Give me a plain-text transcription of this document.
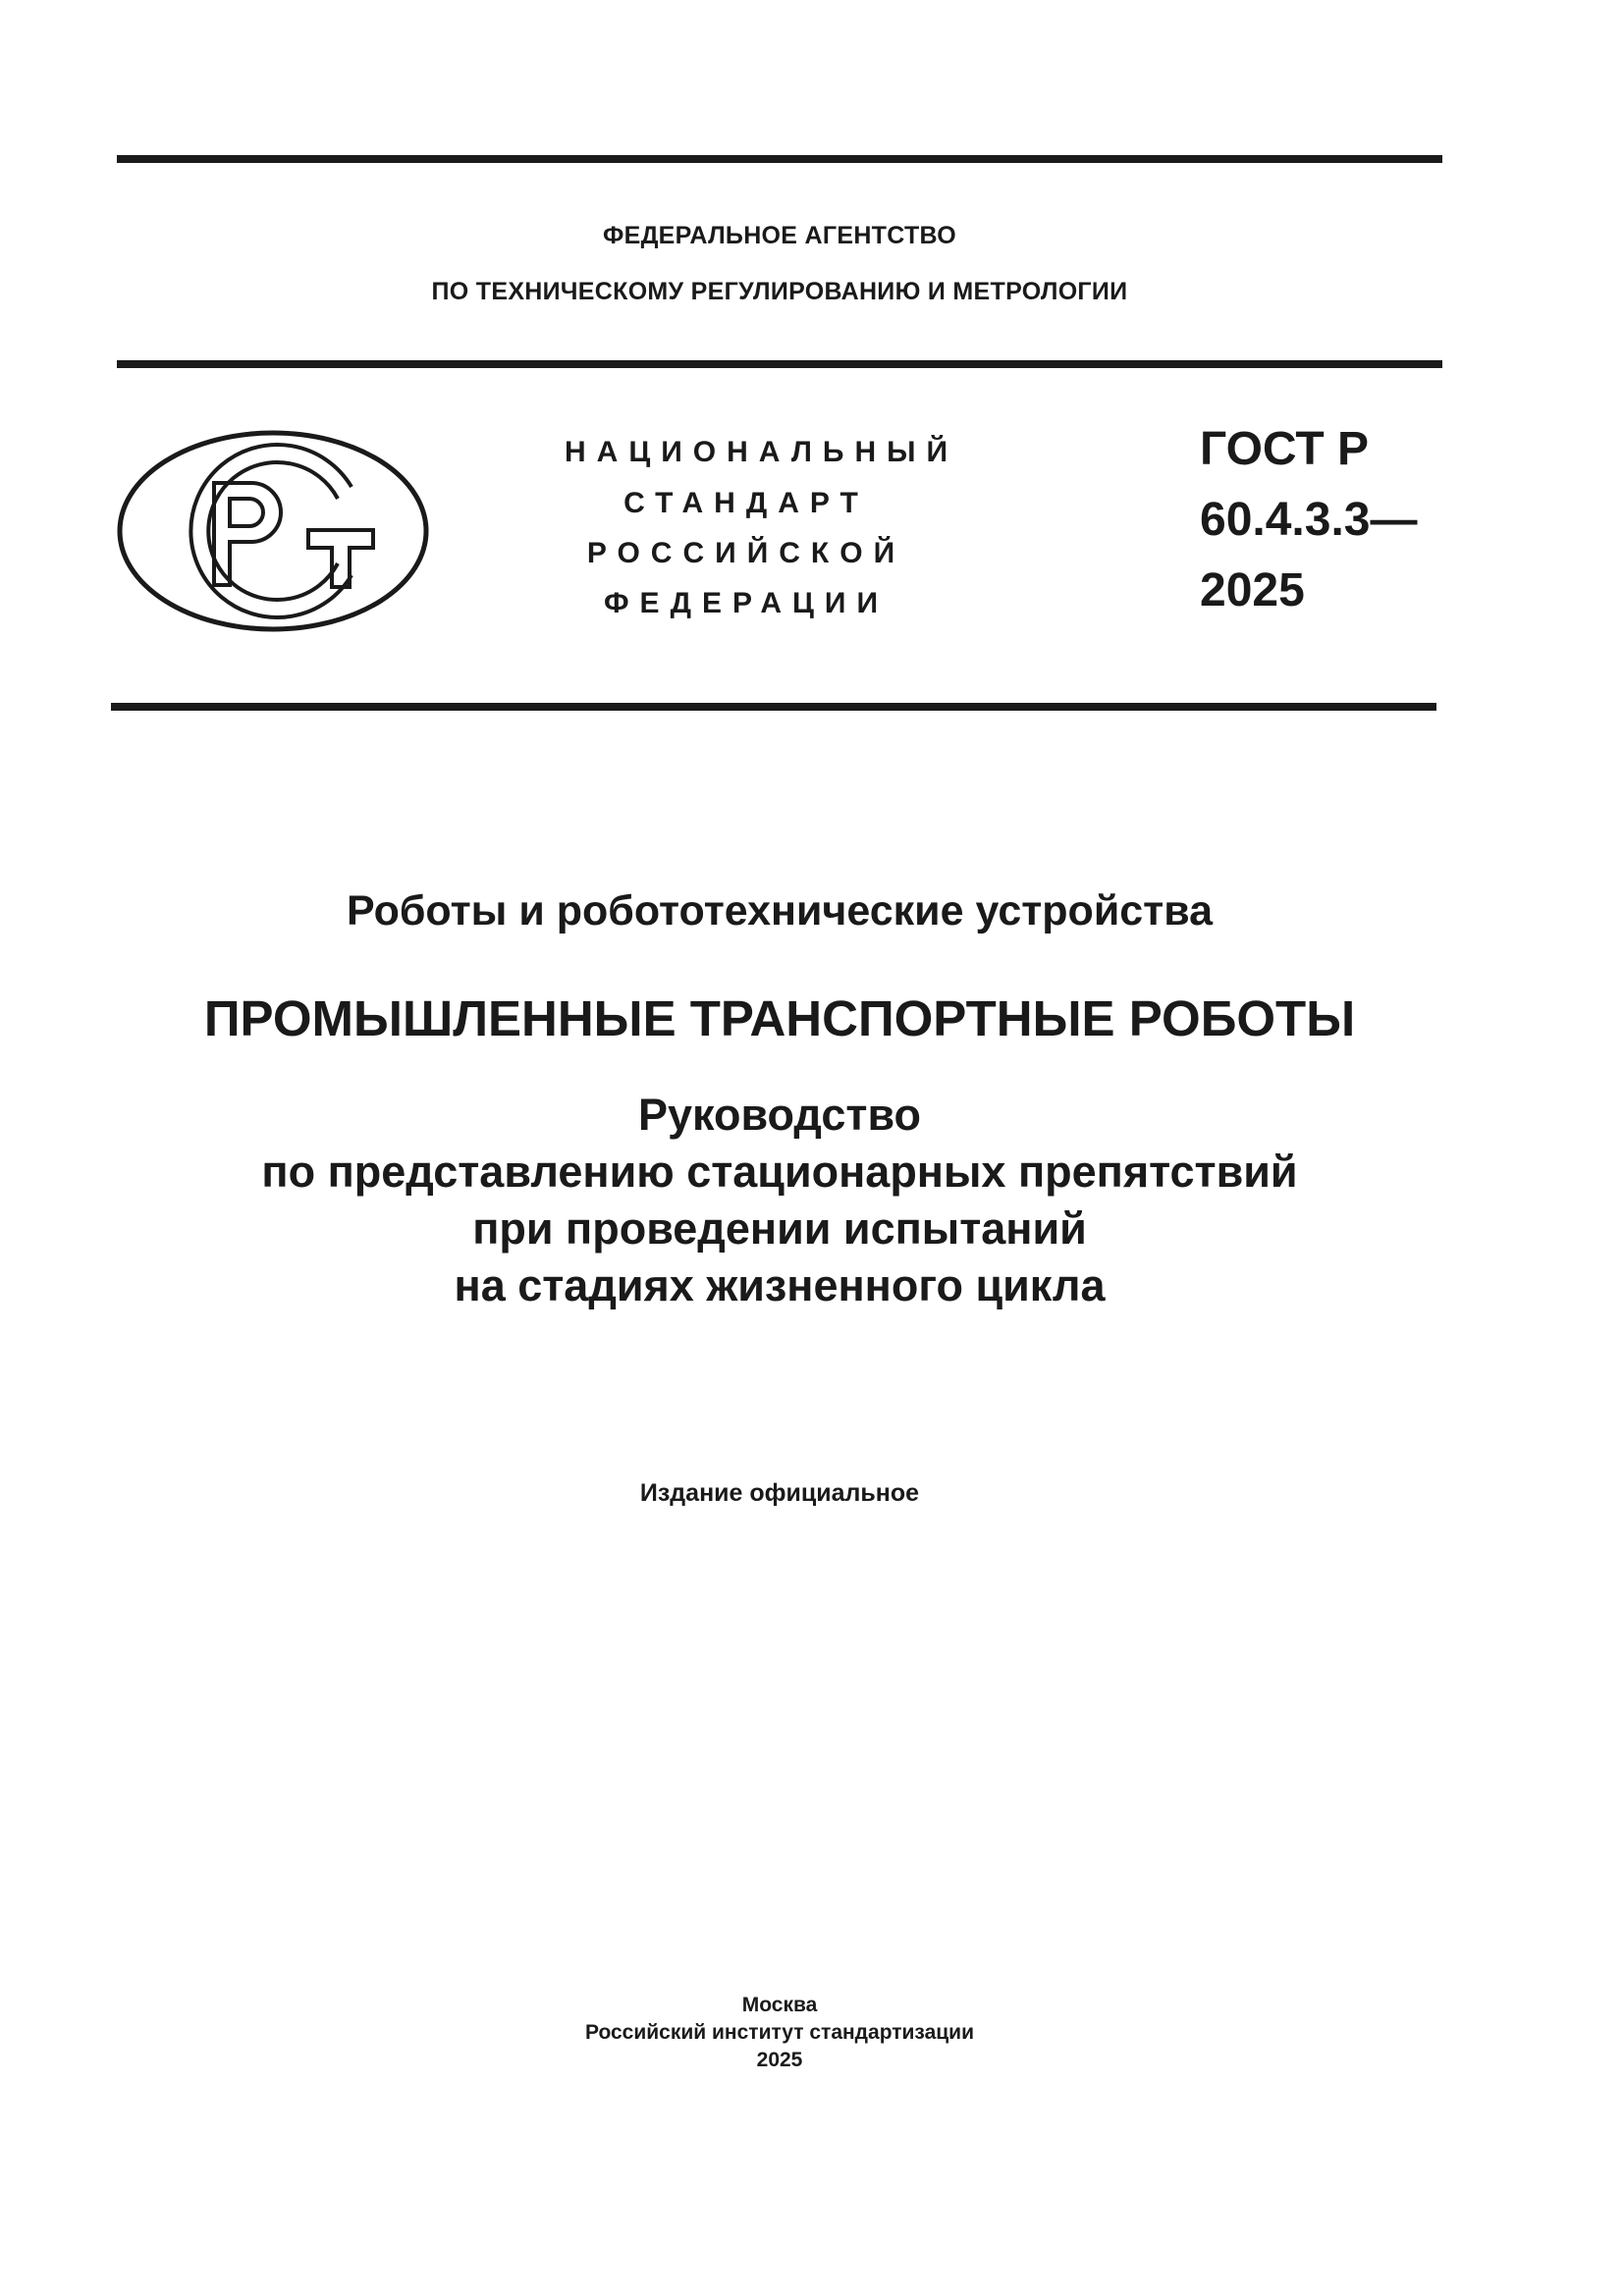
ФЕДЕРАЛЬНОЕ АГЕНТСТВО
ПО ТЕХНИЧЕСКОМУ РЕГУЛИРОВАНИЮ И МЕТРОЛОГИИ
НАЦИОНАЛЬНЫЙ
СТАНДАРТ
РОССИЙСКОЙ
ФЕДЕРАЦИИ
ГОСТ Р
60.4.3.3—
2025
Роботы и робототехнические устройства
ПРОМЫШЛЕННЫЕ ТРАНСПОРТНЫЕ РОБОТЫ
Руководство
по представлению стационарных препятствий
при проведении испытаний
на стадиях жизненного цикла
Издание официальное
Москва
Российский институт стандартизации
2025
